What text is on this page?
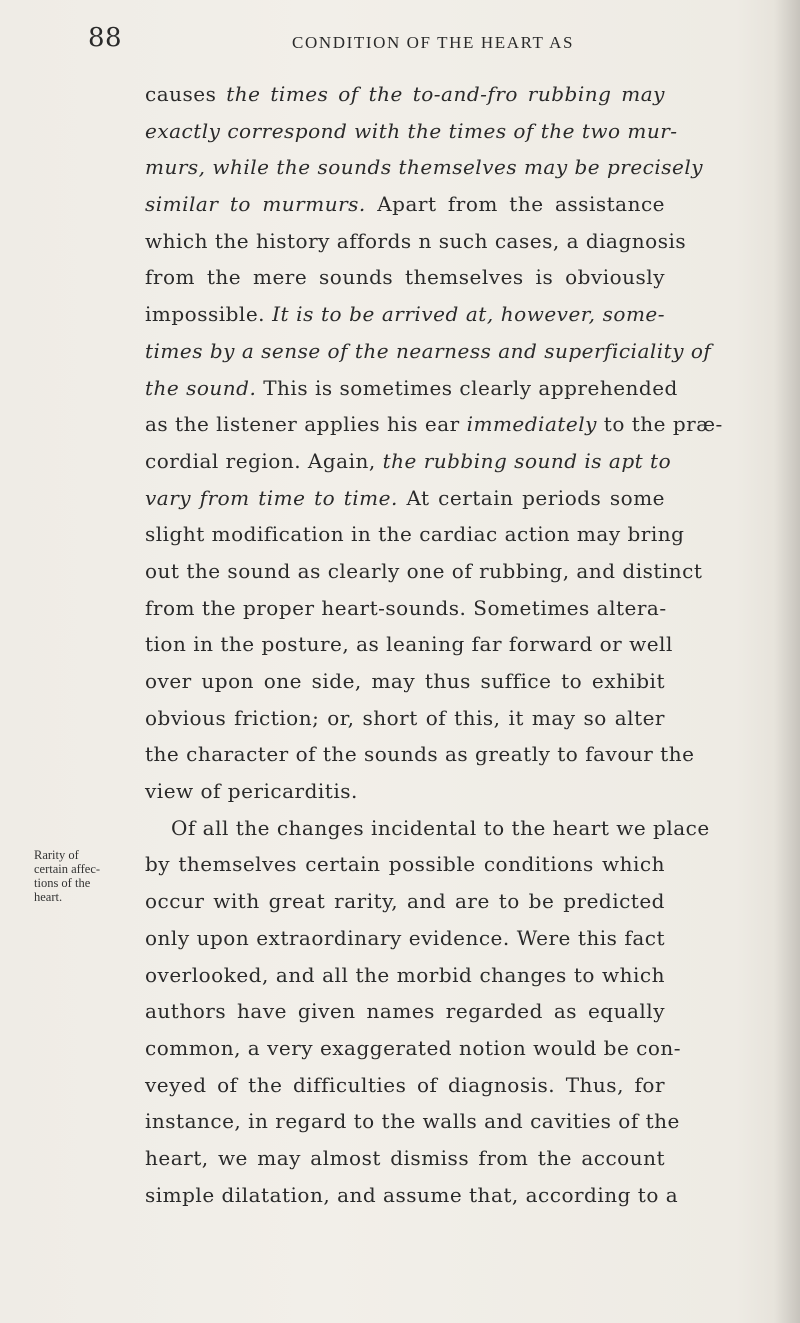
88	CONDITION OF THE HEART AS
Rarity of
certain affec-
tions of the
heart.
causes the times of the to-and-fro rubbing may
exactly correspond with the times of the two mur-
murs, while the sounds themselves may be precisely
similar to murmurs. Apart from the assistance
which the history affords n such cases, a diagnosis
from the mere sounds themselves is obviously
impossible. It is to be arrived at, however, some-
times by a sense of the nearness and superficiality of
the sound. This is sometimes clearly apprehended
as the listener applies his ear immediately to the præ-
cordial region. Again, the rubbing sound is apt to
vary from time to time. At certain periods some
slight modification in the cardiac action may bring
out the sound as clearly one of rubbing, and distinct
from the proper heart-sounds. Sometimes altera-
tion in the posture, as leaning far forward or well
over upon one side, may thus suffice to exhibit
obvious friction; or, short of this, it may so alter
the character of the sounds as greatly to favour the
view of pericarditis.
Of all the changes incidental to the heart we place
by themselves certain possible conditions which
occur with great rarity, and are to be predicted
only upon extraordinary evidence. Were this fact
overlooked, and all the morbid changes to which
authors have given names regarded as equally
common, a very exaggerated notion would be con-
veyed of the difficulties of diagnosis. Thus, for
instance, in regard to the walls and cavities of the
heart, we may almost dismiss from the account
simple dilatation, and assume that, according to a
